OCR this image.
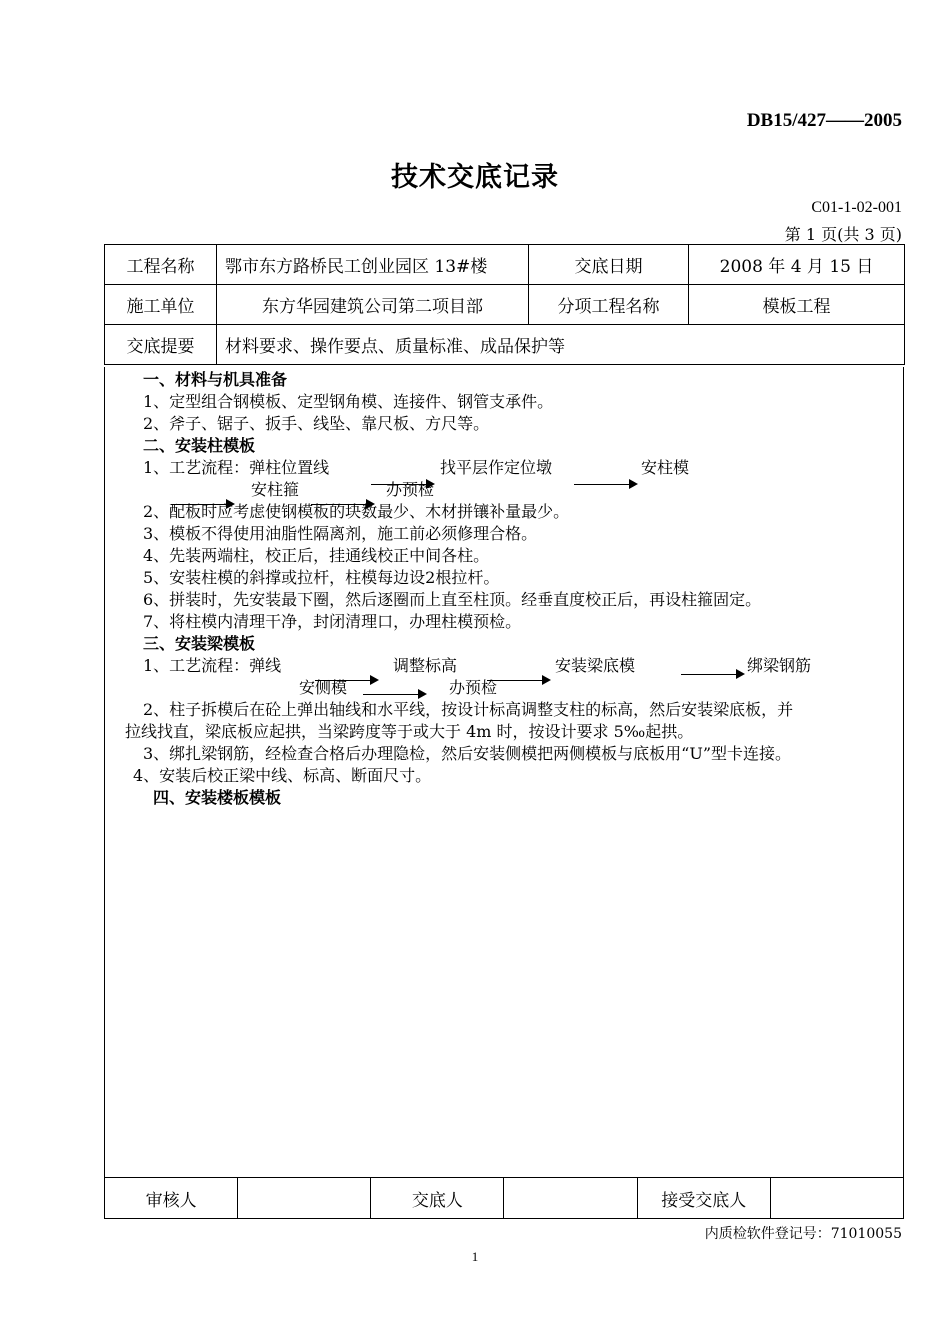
DB15/427——2005
技术交底记录
C01-1-02-001
第 1 页(共 3 页)
工程名称	鄂市东方路桥民工创业园区 13#楼	交底日期	2008 年 4 月 15 日
施工单位	东方华园建筑公司第二项目部	分项工程名称	模板工程
交底提要	材料要求、操作要点、质量标准、成品保护等		
一、材料与机具准备
1、定型组合钢模板、定型钢角模、连接件、钢管支承件。
2、斧子、锯子、扳手、线坠、靠尺板、方尺等。
二、安装柱模板
1、工艺流程：弹柱位置线	找平层作定位墩	安柱模
安柱箍	办预检
2、配板时应考虑使钢模板的块数最少、木材拼镶补量最少。
3、模板不得使用油脂性隔离剂，施工前必须修理合格。
4、先装两端柱，校正后，挂通线校正中间各柱。
5、安装柱模的斜撑或拉杆，柱模每边设2根拉杆。
6、拼装时，先安装最下圈，然后逐圈而上直至柱顶。经垂直度校正后，再设柱箍固定。
7、将柱模内清理干净，封闭清理口，办理柱模预检。
三、安装梁模板
1、工艺流程：弹线	调整标高	安装梁底模	绑梁钢筋
安侧模	办预检
2、柱子拆模后在砼上弹出轴线和水平线，按设计标高调整支柱的标高，然后安装梁底板，并
拉线找直，梁底板应起拱，当梁跨度等于或大于 4m 时，按设计要求 5‰起拱。
3、绑扎梁钢筋，经检查合格后办理隐检，然后安装侧模把两侧模板与底板用“U”型卡连接。
4、安装后校正梁中线、标高、断面尺寸。
四、安装楼板模板
审核人		交底人		接受交底人	
内质检软件登记号：71010055
1
